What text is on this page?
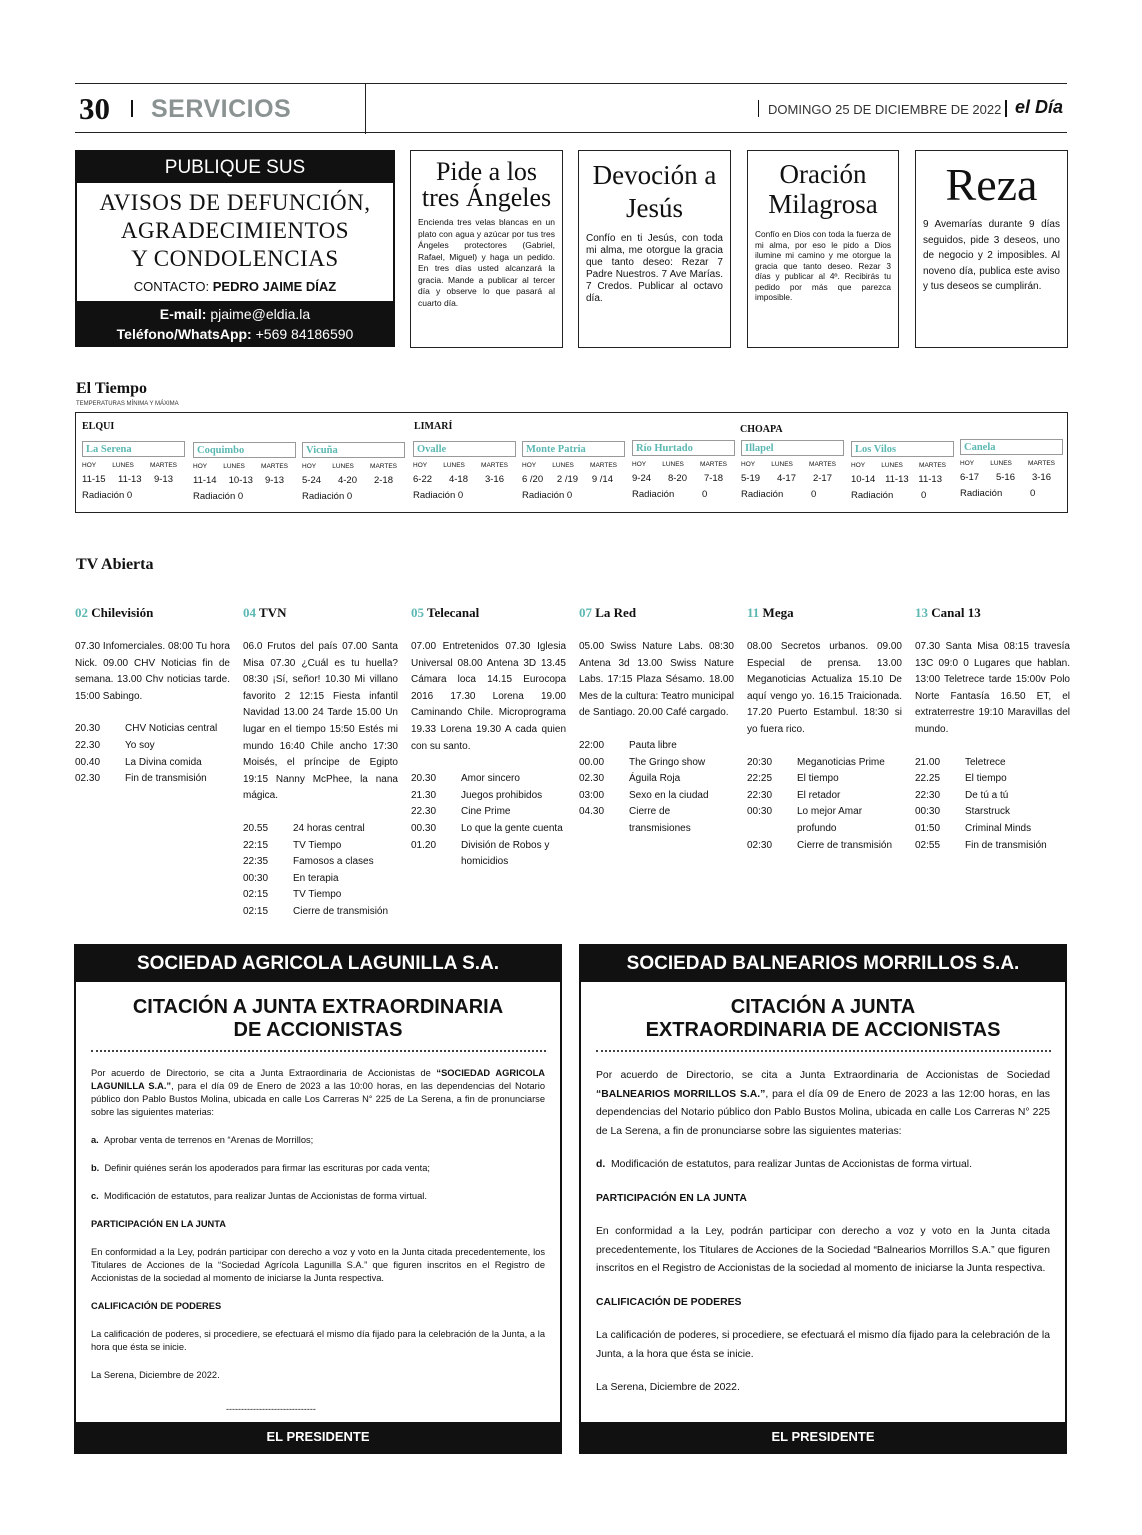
30 SERVICIOS	DOMINGO 25 DE DICIEMBRE DE 2022 el Día
PUBLIQUE SUS
AVISOS DE DEFUNCIÓN,
AGRADECIMIENTOS
Y CONDOLENCIAS
CONTACTO: PEDRO JAIME DÍAZ
E-mail: pjaime@eldia.la
Teléfono/WhatsApp: +569 84186590
Pide a los tres Ángeles
Encienda tres velas blancas en un plato con agua y azúcar por tus tres Ángeles protectores (Gabriel, Rafael, Miguel) y haga un pedido. En tres días usted alcanzará la gracia. Mande a publicar al tercer día y observe lo que pasará al cuarto día.
Devoción a Jesús
Confío en ti Jesús, con toda mi alma, me otorgue la gracia que tanto deseo: Rezar 7 Padre Nuestros. 7 Ave Marías. 7 Credos. Publicar al octavo día.
Oración Milagrosa
Confío en Dios con toda la fuerza de mi alma, por eso le pido a Dios ilumine mi camino y me otorgue la gracia que tanto deseo. Rezar 3 días y publicar al 4º. Recibirás tu pedido por más que parezca imposible.
Reza
9 Avemarías durante 9 días seguidos, pide 3 deseos, uno de negocio y 2 imposibles. Al noveno día, publica este aviso y tus deseos se cumplirán.
El Tiempo
TEMPERATURAS MÍNIMA Y MÁXIMA
ELQUI	LIMARÍ	CHOAPA
La Serena
HOY LUNES MARTES
11-15 11-13 9-13
Radiación
0
Coquimbo
HOY LUNES MARTES
11-14 10-13 9-13
Radiación
0
Vicuña
HOY LUNES MARTES
5-24 4-20 2-18
Radiación
0
Ovalle
HOY LUNES MARTES
6-22 4-18 3-16
Radiación
0
Monte Patria
HOY LUNES MARTES
6 /20 2 /19 9 /14
Radiación
0
Río Hurtado
HOY LUNES MARTES
9-24 8-20 7-18
Radiación	0
Illapel
HOY LUNES MARTES
5-19 4-17 2-17
Radiación	0
Los Vilos
HOY LUNES MARTES
10-14 11-13 11-13
Radiación	0
Canela
HOY LUNES MARTES
6-17 5-16 3-16
Radiación	0
TV Abierta
02 Chilevisión
07.30 Infomerciales. 08:00 Tu hora Nick. 09.00 CHV Noticias fin de semana. 13.00 Chv noticias tarde. 15:00 Sabingo.
20.30	CHV Noticias central
22.30	Yo soy
00.40	La Divina comida
02.30	Fin de transmisión
04 TVN
06.0 Frutos del país 07.00 Santa Misa 07.30 ¿Cuál es tu huella? 08:30 ¡Sí, señor! 10.30 Mi villano favorito 2 12:15 Fiesta infantil Navidad 13.00 24 Tarde 15.00 Un lugar en el tiempo 15:50 Estés mi mundo 16:40 Chile ancho 17:30 Moisés, el príncipe de Egipto 19:15 Nanny McPhee, la nana mágica.
20.55	24 horas central
22:15	TV Tiempo
22:35	Famosos a clases
00:30	En terapia
02:15	TV Tiempo
02:15	Cierre de transmisión
05 Telecanal
07.00 Entretenidos 07.30 Iglesia Universal 08.00 Antena 3D 13.45 Cámara loca 14.15 Eurocopa 2016 17.30 Lorena 19.00 Caminando Chile. Microprograma 19.33 Lorena 19.30 A cada quien con su santo.
20.30	Amor sincero
21.30	Juegos prohibidos
22.30	Cine Prime
00.30	Lo que la gente cuenta
01.20	División de Robos y homicidios
07 La Red
05.00 Swiss Nature Labs. 08:30 Antena 3d 13.00 Swiss Nature Labs. 17:15 Plaza Sésamo. 18.00 Mes de la cultura: Teatro municipal de Santiago. 20.00 Café cargado.
22:00	Pauta libre
00.00	The Gringo show
02.30	Águila Roja
03:00	Sexo en la ciudad
04.30	Cierre de transmisiones
11 Mega
08.00 Secretos urbanos. 09.00 Especial de prensa. 13.00 Meganoticias Actualiza 15.10 De aquí vengo yo. 16.15 Traicionada. 17.20 Puerto Estambul. 18:30 si yo fuera rico.
20:30	Meganoticias Prime
22:25	El tiempo
22:30	El retador
00:30	Lo mejor Amar profundo
02:30	Cierre de transmisión
13 Canal 13
07.30 Santa Misa 08:15 travesía 13C 09:0 0 Lugares que hablan. 13:00 Teletrece tarde 15:00v Polo Norte Fantasía 16.50 ET, el extraterrestre 19:10 Maravillas del mundo.
21.00	Teletrece
22.25	El tiempo
22:30	De tú a tú
00:30	Starstruck
01:50	Criminal Minds
02:55	Fin de transmisión
SOCIEDAD AGRICOLA LAGUNILLA S.A.
CITACIÓN A JUNTA EXTRAORDINARIA
DE ACCIONISTAS

Por acuerdo de Directorio, se cita a Junta Extraordinaria de Accionistas de “SOCIEDAD AGRICOLA LAGUNILLA S.A.”, para el día 09 de Enero de 2023 a las 10:00 horas, en las dependencias del Notario público don Pablo Bustos Molina, ubicada en calle Los Carreras N° 225 de La Serena, a fin de pronunciarse sobre las siguientes materias:

a. Aprobar venta de terrenos en “Arenas de Morrillos;

b. Definir quiénes serán los apoderados para firmar las escrituras por cada venta;

c. Modificación de estatutos, para realizar Juntas de Accionistas de forma virtual.

PARTICIPACIÓN EN LA JUNTA

En conformidad a la Ley, podrán participar con derecho a voz y voto en la Junta citada precedentemente, los Titulares de Acciones de la “Sociedad Agrícola Lagunilla S.A.” que figuren inscritos en el Registro de Accionistas de la sociedad al momento de iniciarse la Junta respectiva.

CALIFICACIÓN DE PODERES

La calificación de poderes, si procediere, se efectuará el mismo día fijado para la celebración de la Junta, a la hora que ésta se inicie.

La Serena, Diciembre de 2022.

------------------------------
EL PRESIDENTE
SOCIEDAD BALNEARIOS MORRILLOS S.A.
CITACIÓN A JUNTA
EXTRAORDINARIA DE ACCIONISTAS

Por acuerdo de Directorio, se cita a Junta Extraordinaria de Accionistas de Sociedad “BALNEARIOS MORRILLOS S.A.”, para el día 09 de Enero de 2023 a las 12:00 horas, en las dependencias del Notario público don Pablo Bustos Molina, ubicada en calle Los Carreras N° 225 de La Serena, a fin de pronunciarse sobre las siguientes materias:

d. Modificación de estatutos, para realizar Juntas de Accionistas de forma virtual.

PARTICIPACIÓN EN LA JUNTA

En conformidad a la Ley, podrán participar con derecho a voz y voto en la Junta citada precedentemente, los Titulares de Acciones de la Sociedad “Balnearios Morrillos S.A.” que figuren inscritos en el Registro de Accionistas de la sociedad al momento de iniciarse la Junta respectiva.

CALIFICACIÓN DE PODERES

La calificación de poderes, si procediere, se efectuará el mismo día fijado para la celebración de la Junta, a la hora que ésta se inicie.

La Serena, Diciembre de 2022.

EL PRESIDENTE
